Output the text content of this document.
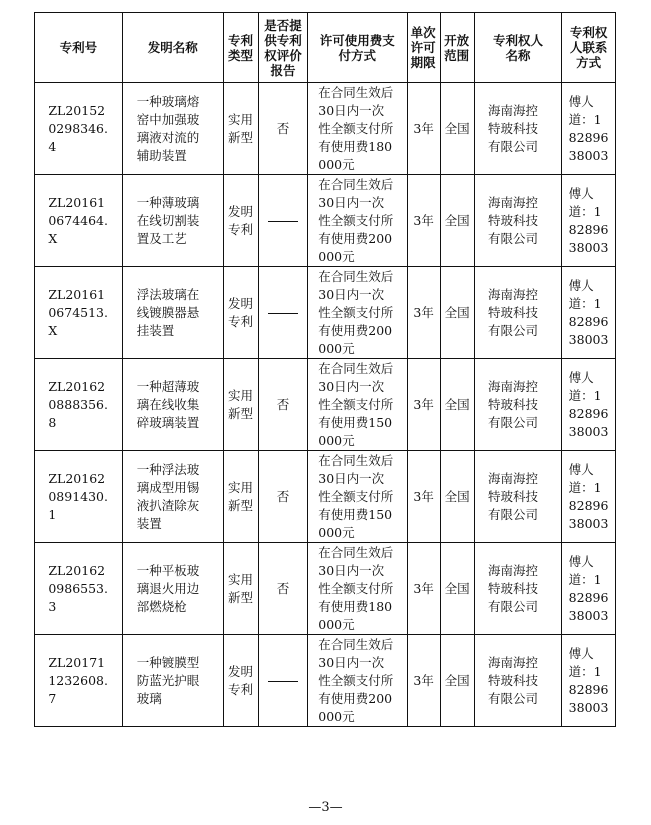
专利号	发明名称	专利类型	是否提供专利权评价报告	许可使用费支付方式	单次许可期限	开放范围	专利权人名称	专利权人联系方式
ZL201520298346.4	一种玻璃熔窑中加强玻璃液对流的辅助装置	实用新型	否	在合同生效后30日内一次性全额支付所有使用费180000元	3年	全国	海南海控特玻科技有限公司	傅人道：18289638003
ZL201610674464.X	一种薄玻璃在线切割装置及工艺	发明专利		在合同生效后30日内一次性全额支付所有使用费200000元	3年	全国	海南海控特玻科技有限公司	傅人道：18289638003
ZL201610674513.X	浮法玻璃在线镀膜器悬挂装置	发明专利		在合同生效后30日内一次性全额支付所有使用费200000元	3年	全国	海南海控特玻科技有限公司	傅人道：18289638003
ZL201620888356.8	一种超薄玻璃在线收集碎玻璃装置	实用新型	否	在合同生效后30日内一次性全额支付所有使用费150000元	3年	全国	海南海控特玻科技有限公司	傅人道：18289638003
ZL201620891430.1	一种浮法玻璃成型用锡液扒渣除灰装置	实用新型	否	在合同生效后30日内一次性全额支付所有使用费150000元	3年	全国	海南海控特玻科技有限公司	傅人道：18289638003
ZL201620986553.3	一种平板玻璃退火用边部燃烧枪	实用新型	否	在合同生效后30日内一次性全额支付所有使用费180000元	3年	全国	海南海控特玻科技有限公司	傅人道：18289638003
ZL201711232608.7	一种镀膜型防蓝光护眼玻璃	发明专利		在合同生效后30日内一次性全额支付所有使用费200000元	3年	全国	海南海控特玻科技有限公司	傅人道：18289638003
—3—
